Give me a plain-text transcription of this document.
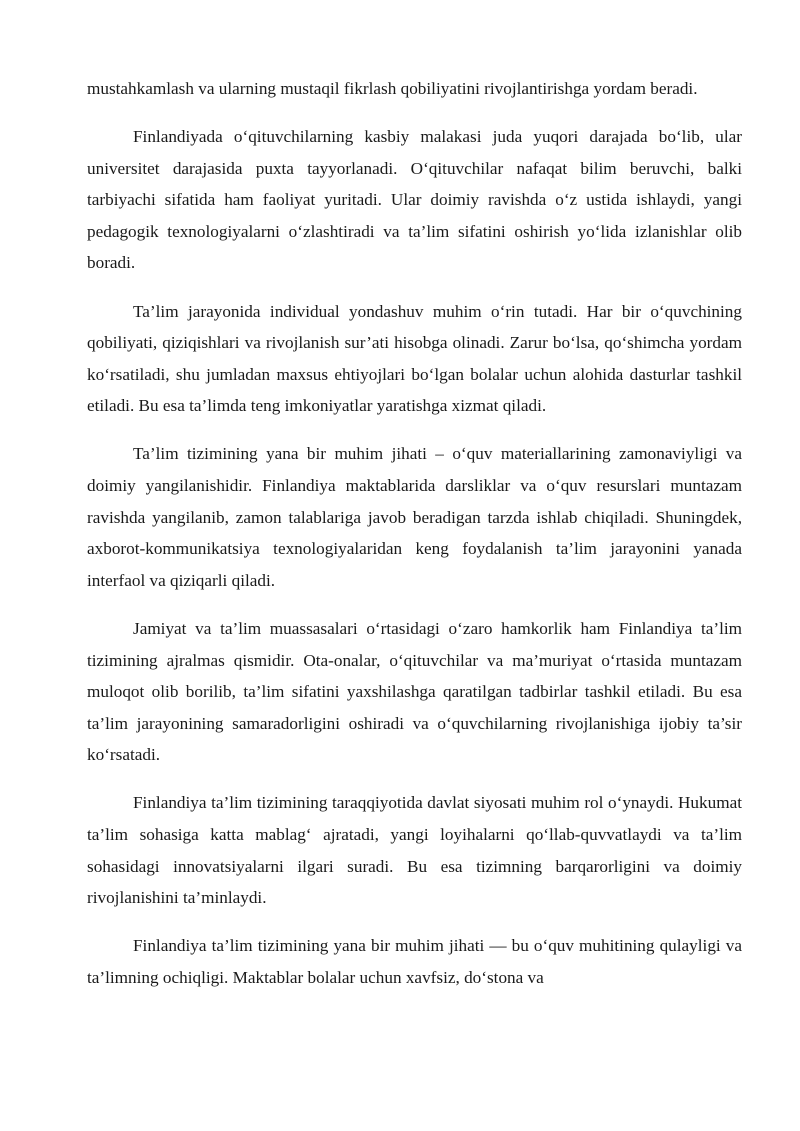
mustahkamlash va ularning mustaqil fikrlash qobiliyatini rivojlantirishga yordam beradi.

Finlandiyada o‘qituvchilarning kasbiy malakasi juda yuqori darajada bo‘lib, ular universitet darajasida puxta tayyorlanadi. O‘qituvchilar nafaqat bilim beruvchi, balki tarbiyachi sifatida ham faoliyat yuritadi. Ular doimiy ravishda o‘z ustida ishlaydi, yangi pedagogik texnologiyalarni o‘zlashtiradi va ta’lim sifatini oshirish yo‘lida izlanishlar olib boradi.

Ta’lim jarayonida individual yondashuv muhim o‘rin tutadi. Har bir o‘quvchining qobiliyati, qiziqishlari va rivojlanish sur’ati hisobga olinadi. Zarur bo‘lsa, qo‘shimcha yordam ko‘rsatiladi, shu jumladan maxsus ehtiyojlari bo‘lgan bolalar uchun alohida dasturlar tashkil etiladi. Bu esa ta’limda teng imkoniyatlar yaratishga xizmat qiladi.

Ta’lim tizimining yana bir muhim jihati – o‘quv materiallarining zamonaviyligi va doimiy yangilanishidir. Finlandiya maktablarida darsliklar va o‘quv resurslari muntazam ravishda yangilanib, zamon talablariga javob beradigan tarzda ishlab chiqiladi. Shuningdek, axborot-kommunikatsiya texnologiyalaridan keng foydalanish ta’lim jarayonini yanada interfaol va qiziqarli qiladi.

Jamiyat va ta’lim muassasalari o‘rtasidagi o‘zaro hamkorlik ham Finlandiya ta’lim tizimining ajralmas qismidir. Ota-onalar, o‘qituvchilar va ma’muriyat o‘rtasida muntazam muloqot olib borilib, ta’lim sifatini yaxshilashga qaratilgan tadbirlar tashkil etiladi. Bu esa ta’lim jarayonining samaradorligini oshiradi va o‘quvchilarning rivojlanishiga ijobiy ta’sir ko‘rsatadi.

Finlandiya ta’lim tizimining taraqqiyotida davlat siyosati muhim rol o‘ynaydi. Hukumat ta’lim sohasiga katta mablag‘ ajratadi, yangi loyihalarni qo‘llab-quvvatlaydi va ta’lim sohasidagi innovatsiyalarni ilgari suradi. Bu esa tizimning barqarorligini va doimiy rivojlanishini ta’minlaydi.

Finlandiya ta’lim tizimining yana bir muhim jihati — bu o‘quv muhitining qulayligi va ta’limning ochiqligi. Maktablar bolalar uchun xavfsiz, do‘stona va
